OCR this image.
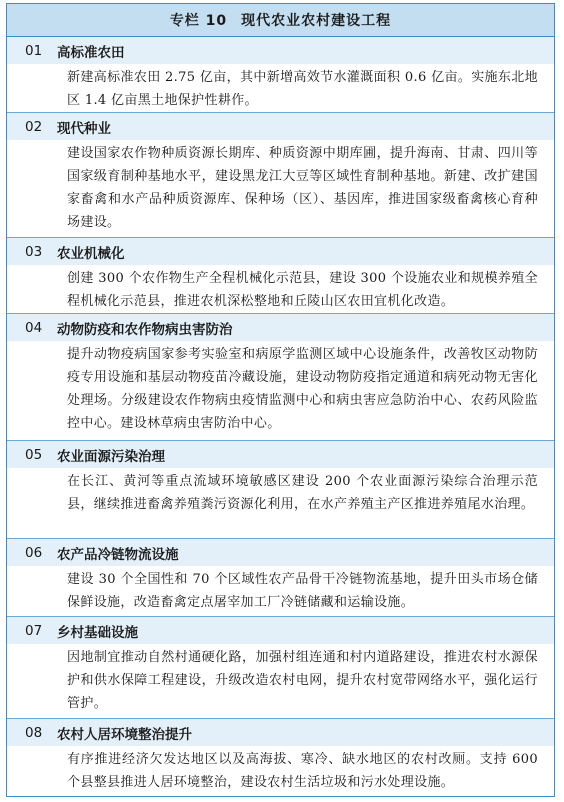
专栏 10 现代农业农村建设工程
01	高标准农田
新建高标准农田 2.75 亿亩，其中新增高效节水灌溉面积 0.6 亿亩。实施东北地区 1.4 亿亩黑土地保护性耕作。
02	现代种业
建设国家农作物种质资源长期库、种质资源中期库圃，提升海南、甘肃、四川等国家级育制种基地水平，建设黑龙江大豆等区域性育制种基地。新建、改扩建国家畜禽和水产品种质资源库、保种场（区）、基因库，推进国家级畜禽核心育种场建设。
03	农业机械化
创建 300 个农作物生产全程机械化示范县，建设 300 个设施农业和规模养殖全程机械化示范县，推进农机深松整地和丘陵山区农田宜机化改造。
04	动物防疫和农作物病虫害防治
提升动物疫病国家参考实验室和病原学监测区域中心设施条件，改善牧区动物防疫专用设施和基层动物疫苗冷藏设施，建设动物防疫指定通道和病死动物无害化处理场。分级建设农作物病虫疫情监测中心和病虫害应急防治中心、农药风险监控中心。建设林草病虫害防治中心。
05	农业面源污染治理
在长江、黄河等重点流域环境敏感区建设 200 个农业面源污染综合治理示范县，继续推进畜禽养殖粪污资源化利用，在水产养殖主产区推进养殖尾水治理。
06	农产品冷链物流设施
建设 30 个全国性和 70 个区域性农产品骨干冷链物流基地，提升田头市场仓储保鲜设施，改造畜禽定点屠宰加工厂冷链储藏和运输设施。
07	乡村基础设施
因地制宜推动自然村通硬化路，加强村组连通和村内道路建设，推进农村水源保护和供水保障工程建设，升级改造农村电网，提升农村宽带网络水平，强化运行管护。
08	农村人居环境整治提升
有序推进经济欠发达地区以及高海拔、寒冷、缺水地区的农村改厕。支持 600 个县整县推进人居环境整治，建设农村生活垃圾和污水处理设施。
